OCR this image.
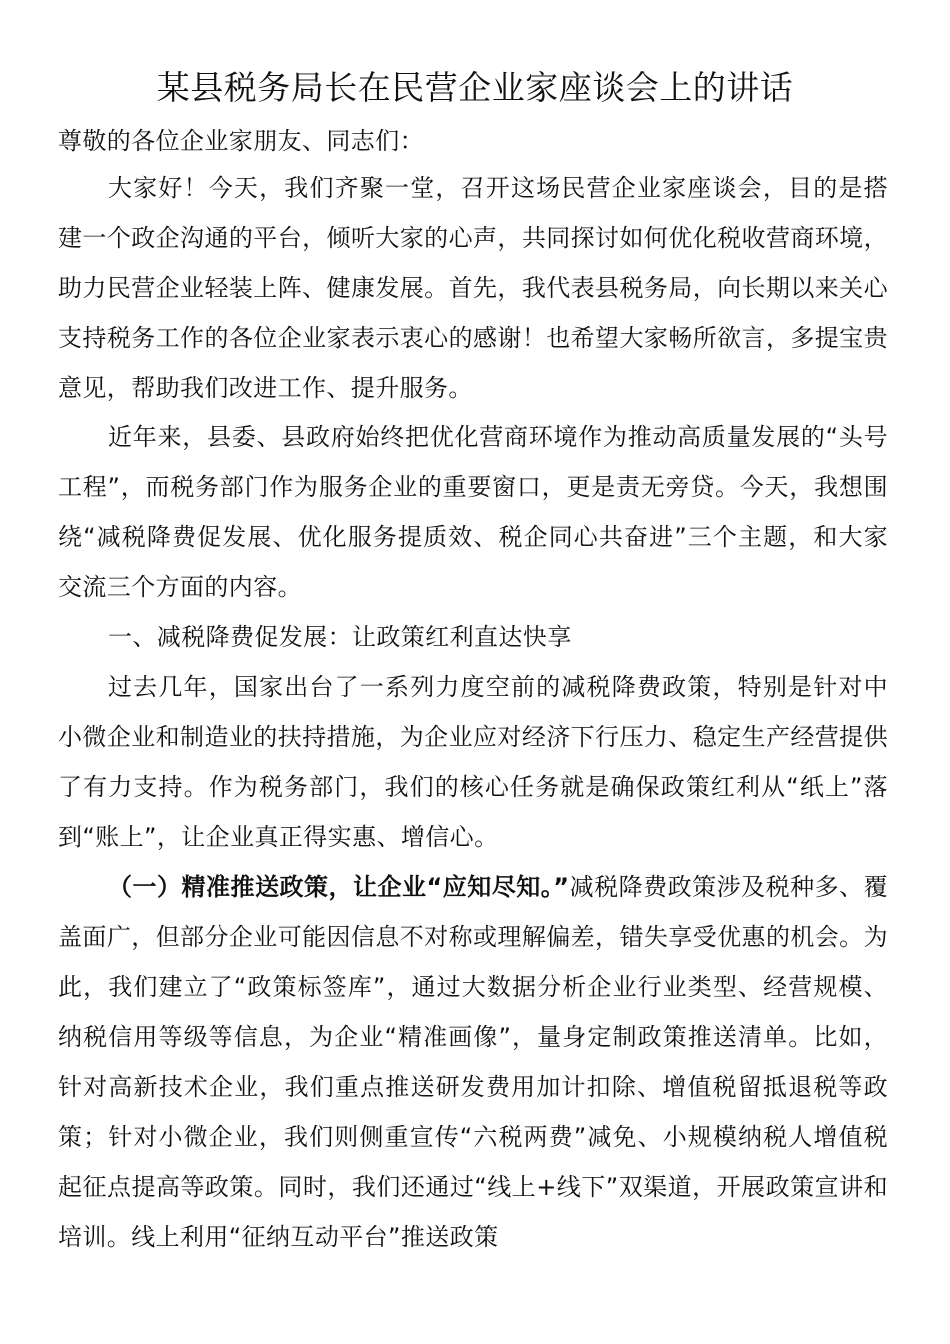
某县税务局长在民营企业家座谈会上的讲话

尊敬的各位企业家朋友、同志们：

大家好！今天，我们齐聚一堂，召开这场民营企业家座谈会，目的是搭建一个政企沟通的平台，倾听大家的心声，共同探讨如何优化税收营商环境，助力民营企业轻装上阵、健康发展。首先，我代表县税务局，向长期以来关心支持税务工作的各位企业家表示衷心的感谢！也希望大家畅所欲言，多提宝贵意见，帮助我们改进工作、提升服务。

近年来，县委、县政府始终把优化营商环境作为推动高质量发展的“头号工程”，而税务部门作为服务企业的重要窗口，更是责无旁贷。今天，我想围绕“减税降费促发展、优化服务提质效、税企同心共奋进”三个主题，和大家交流三个方面的内容。

一、减税降费促发展：让政策红利直达快享

过去几年，国家出台了一系列力度空前的减税降费政策，特别是针对中小微企业和制造业的扶持措施，为企业应对经济下行压力、稳定生产经营提供了有力支持。作为税务部门，我们的核心任务就是确保政策红利从“纸上”落到“账上”，让企业真正得实惠、增信心。

（一）精准推送政策，让企业“应知尽知。”减税降费政策涉及税种多、覆盖面广，但部分企业可能因信息不对称或理解偏差，错失享受优惠的机会。为此，我们建立了“政策标签库”，通过大数据分析企业行业类型、经营规模、纳税信用等级等信息，为企业“精准画像”，量身定制政策推送清单。比如，针对高新技术企业，我们重点推送研发费用加计扣除、增值税留抵退税等政策；针对小微企业，我们则侧重宣传“六税两费”减免、小规模纳税人增值税起征点提高等政策。同时，我们还通过“线上+线下”双渠道，开展政策宣讲和培训。线上利用“征纳互动平台”推送政策
